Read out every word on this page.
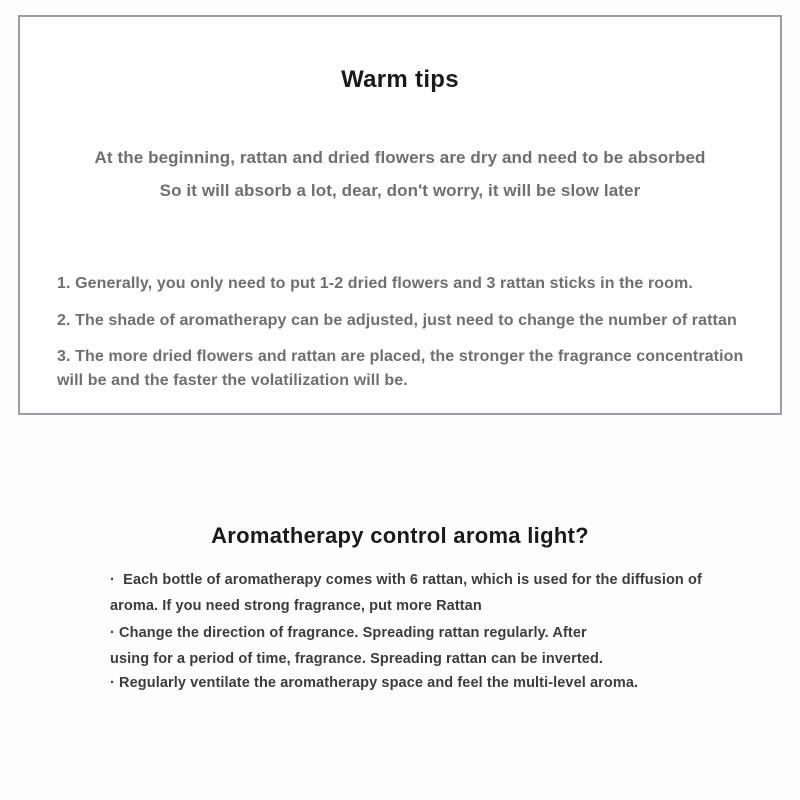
Warm tips
At the beginning, rattan and dried flowers are dry and need to be absorbed
So it will absorb a lot, dear, don't worry, it will be slow later

1. Generally, you only need to put 1-2 dried flowers and 3 rattan sticks in the room.

2. The shade of aromatherapy can be adjusted, just need to change the number of rattan

3. The more dried flowers and rattan are placed, the stronger the fragrance concentration
will be and the faster the volatilization will be.

Aromatherapy control aroma light?

·  Each bottle of aromatherapy comes with 6 rattan, which is used for the diffusion of
aroma. If you need strong fragrance, put more Rattan

· Change the direction of fragrance. Spreading rattan regularly. After
using for a period of time, fragrance. Spreading rattan can be inverted.

· Regularly ventilate the aromatherapy space and feel the multi-level aroma.
